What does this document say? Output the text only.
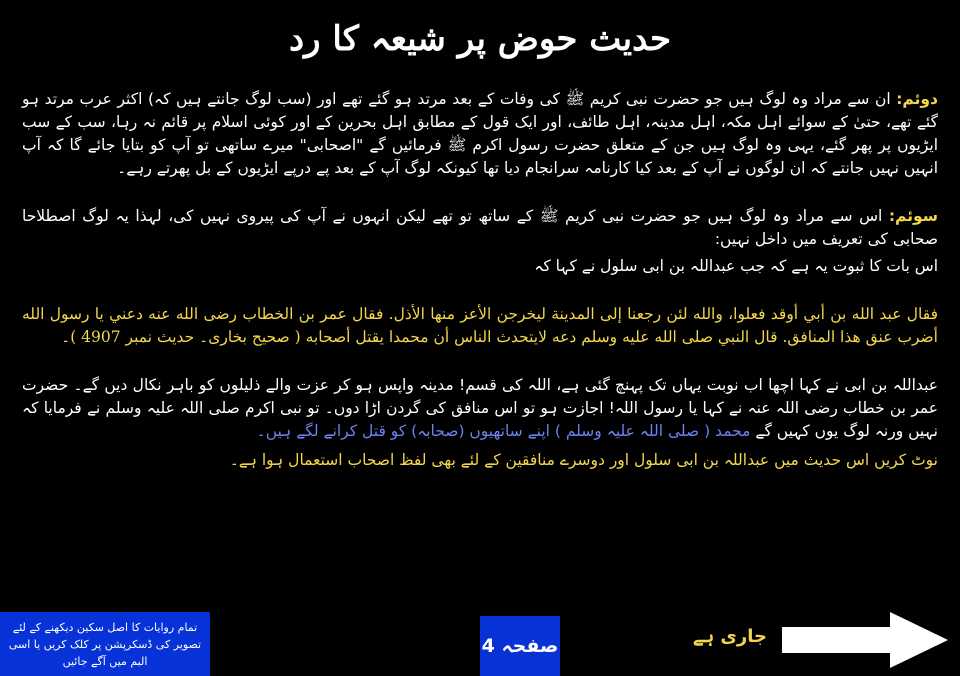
حدیث حوض پر شیعہ کا رد

دوئم: ان سے مراد وہ لوگ ہیں جو حضرت نبی کریم ﷺ کی وفات کے بعد مرتد ہو گئے تھے اور (سب لوگ جانتے ہیں کہ) اکثر عرب مرتد ہو گئے تھے، حتیٰ کے سوائے اہل مکہ، اہل مدینہ، اہل طائف، اور ایک قول کے مطابق اہل بحرین کے اور کوئی اسلام پر قائم نہ رہا، سب کے سب ایڑیوں پر پھر گئے، یہی وہ لوگ ہیں جن کے متعلق حضرت رسول اکرم ﷺ فرمائیں گے "اصحابی" میرے ساتھی تو آپ کو بتایا جائے گا کہ آپ انہیں نہیں جانتے کہ ان لوگوں نے آپ کے بعد کیا کارنامہ سرانجام دیا تھا کیونکہ لوگ آپ کے بعد پے درپے ایڑیوں کے بل پھرتے رہے۔

سوئم: اس سے مراد وہ لوگ ہیں جو حضرت نبی کریم ﷺ کے ساتھ تو تھے لیکن انہوں نے آپ کی پیروی نہیں کی، لہذا یہ لوگ اصطلاحا صحابی کی تعریف میں داخل نہیں:

اس بات کا ثبوت یہ ہے کہ جب عبداللہ بن ابی سلول نے کہا کہ

فقال عبد الله بن أبي أوقد فعلوا، والله لئن رجعنا إلى المدينة ليخرجن الأعز منها الأذل. فقال عمر بن الخطاب رضى الله عنه دعني يا رسول الله أضرب عنق هذا المنافق. قال النبي صلى الله عليه وسلم دعه لايتحدث الناس أن محمدا يقتل أصحابه ( صحیح بخاری۔ حدیث نمبر 4907 )۔

عبداللہ بن ابی نے کہا اچھا اب نوبت یہاں تک پہنچ گئی ہے، اللہ کی قسم! مدینہ واپس ہو کر عزت والے ذلیلوں کو باہر نکال دیں گے۔ حضرت عمر بن خطاب رضی اللہ عنہ نے کہا یا رسول اللہ! اجازت ہو تو اس منافق کی گردن اڑا دوں۔ تو نبی اکرم صلی اللہ علیہ وسلم نے فرمایا کہ نہیں ورنہ لوگ یوں کہیں گے محمد ( صلی اللہ علیہ وسلم ) اپنے ساتھیوں (صحابہ) کو قتل کرانے لگے ہیں۔

نوٹ کریں اس حدیث میں عبداللہ بن ابی سلول اور دوسرے منافقین کے لئے بھی لفظ اصحاب استعمال ہوا ہے۔

تمام روایات کا اصل سکین دیکھنے کے لئے تصویر کی ڈسکرپشن پر کلک کریں یا اسی البم میں آگے جائیں
صفحہ 4	جاری ہے
